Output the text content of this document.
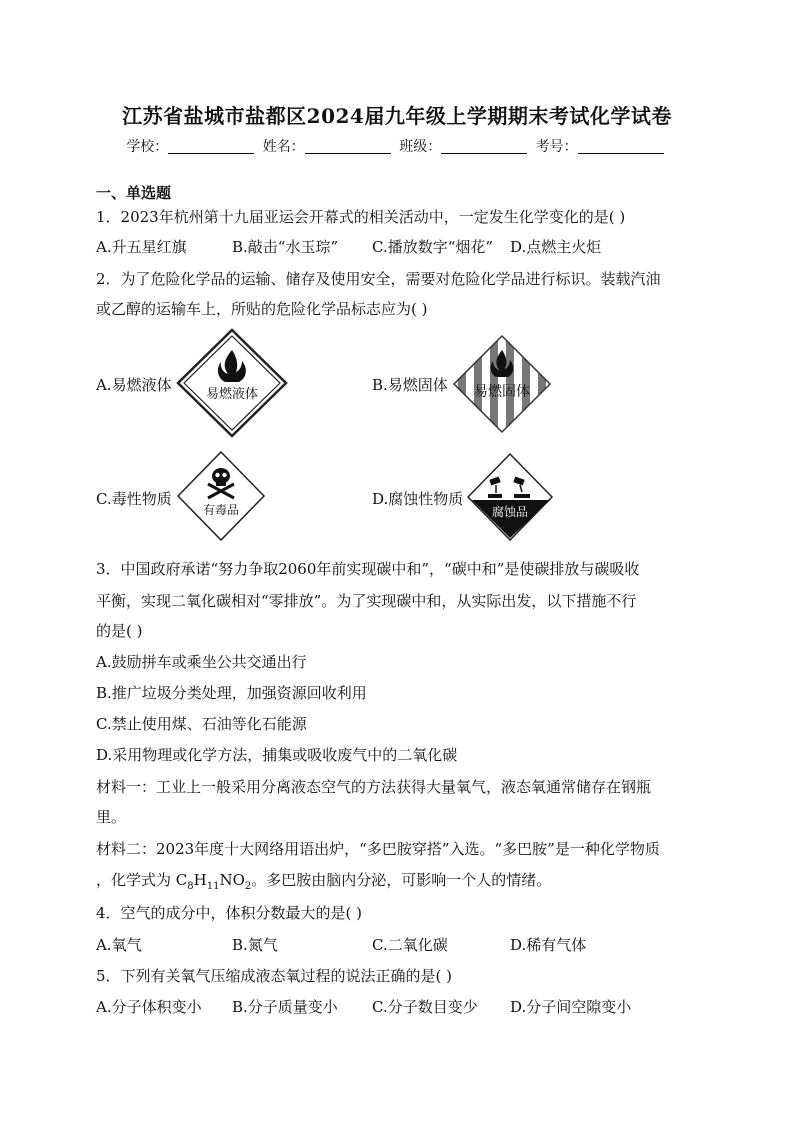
江苏省盐城市盐都区2024届九年级上学期期末考试化学试卷
学校：	姓名：	班级：	考号：
一、单选题
1．2023年杭州第十九届亚运会开幕式的相关活动中，一定发生化学变化的是( )
A.升五星红旗	B.敲击“水玉琮” C.播放数字“烟花” D.点燃主火炬
2．为了危险化学品的运输、储存及使用安全，需要对危险化学品进行标识。装载汽油
或乙醇的运输车上，所贴的危险化学品标志应为( )
A.易燃液体
易燃液体
B.易燃固体 易燃固体
C.毒性物质
有毒品
D.腐蚀性物质
腐蚀品
3．中国政府承诺“努力争取2060年前实现碳中和”，“碳中和”是使碳排放与碳吸收
平衡，实现二氧化碳相对“零排放”。为了实现碳中和，从实际出发，以下措施不行
的是( )
A.鼓励拼车或乘坐公共交通出行
B.推广垃圾分类处理，加强资源回收利用
C.禁止使用煤、石油等化石能源
D.采用物理或化学方法，捕集或吸收废气中的二氧化碳
材料一：工业上一般采用分离液态空气的方法获得大量氧气，液态氧通常储存在钢瓶
里。
材料二：2023年度十大网络用语出炉，“多巴胺穿搭”入选。“多巴胺”是一种化学物质
，化学式为 $C_8H_{11}NO_2$。多巴胺由脑内分泌，可影响一个人的情绪。
4．空气的成分中，体积分数最大的是( )
A.氧气	B.氮气	C.二氧化碳	D.稀有气体
5．下列有关氧气压缩成液态氧过程的说法正确的是( )
A.分子体积变小 B.分子质量变小 C.分子数目变少 D.分子间空隙变小
